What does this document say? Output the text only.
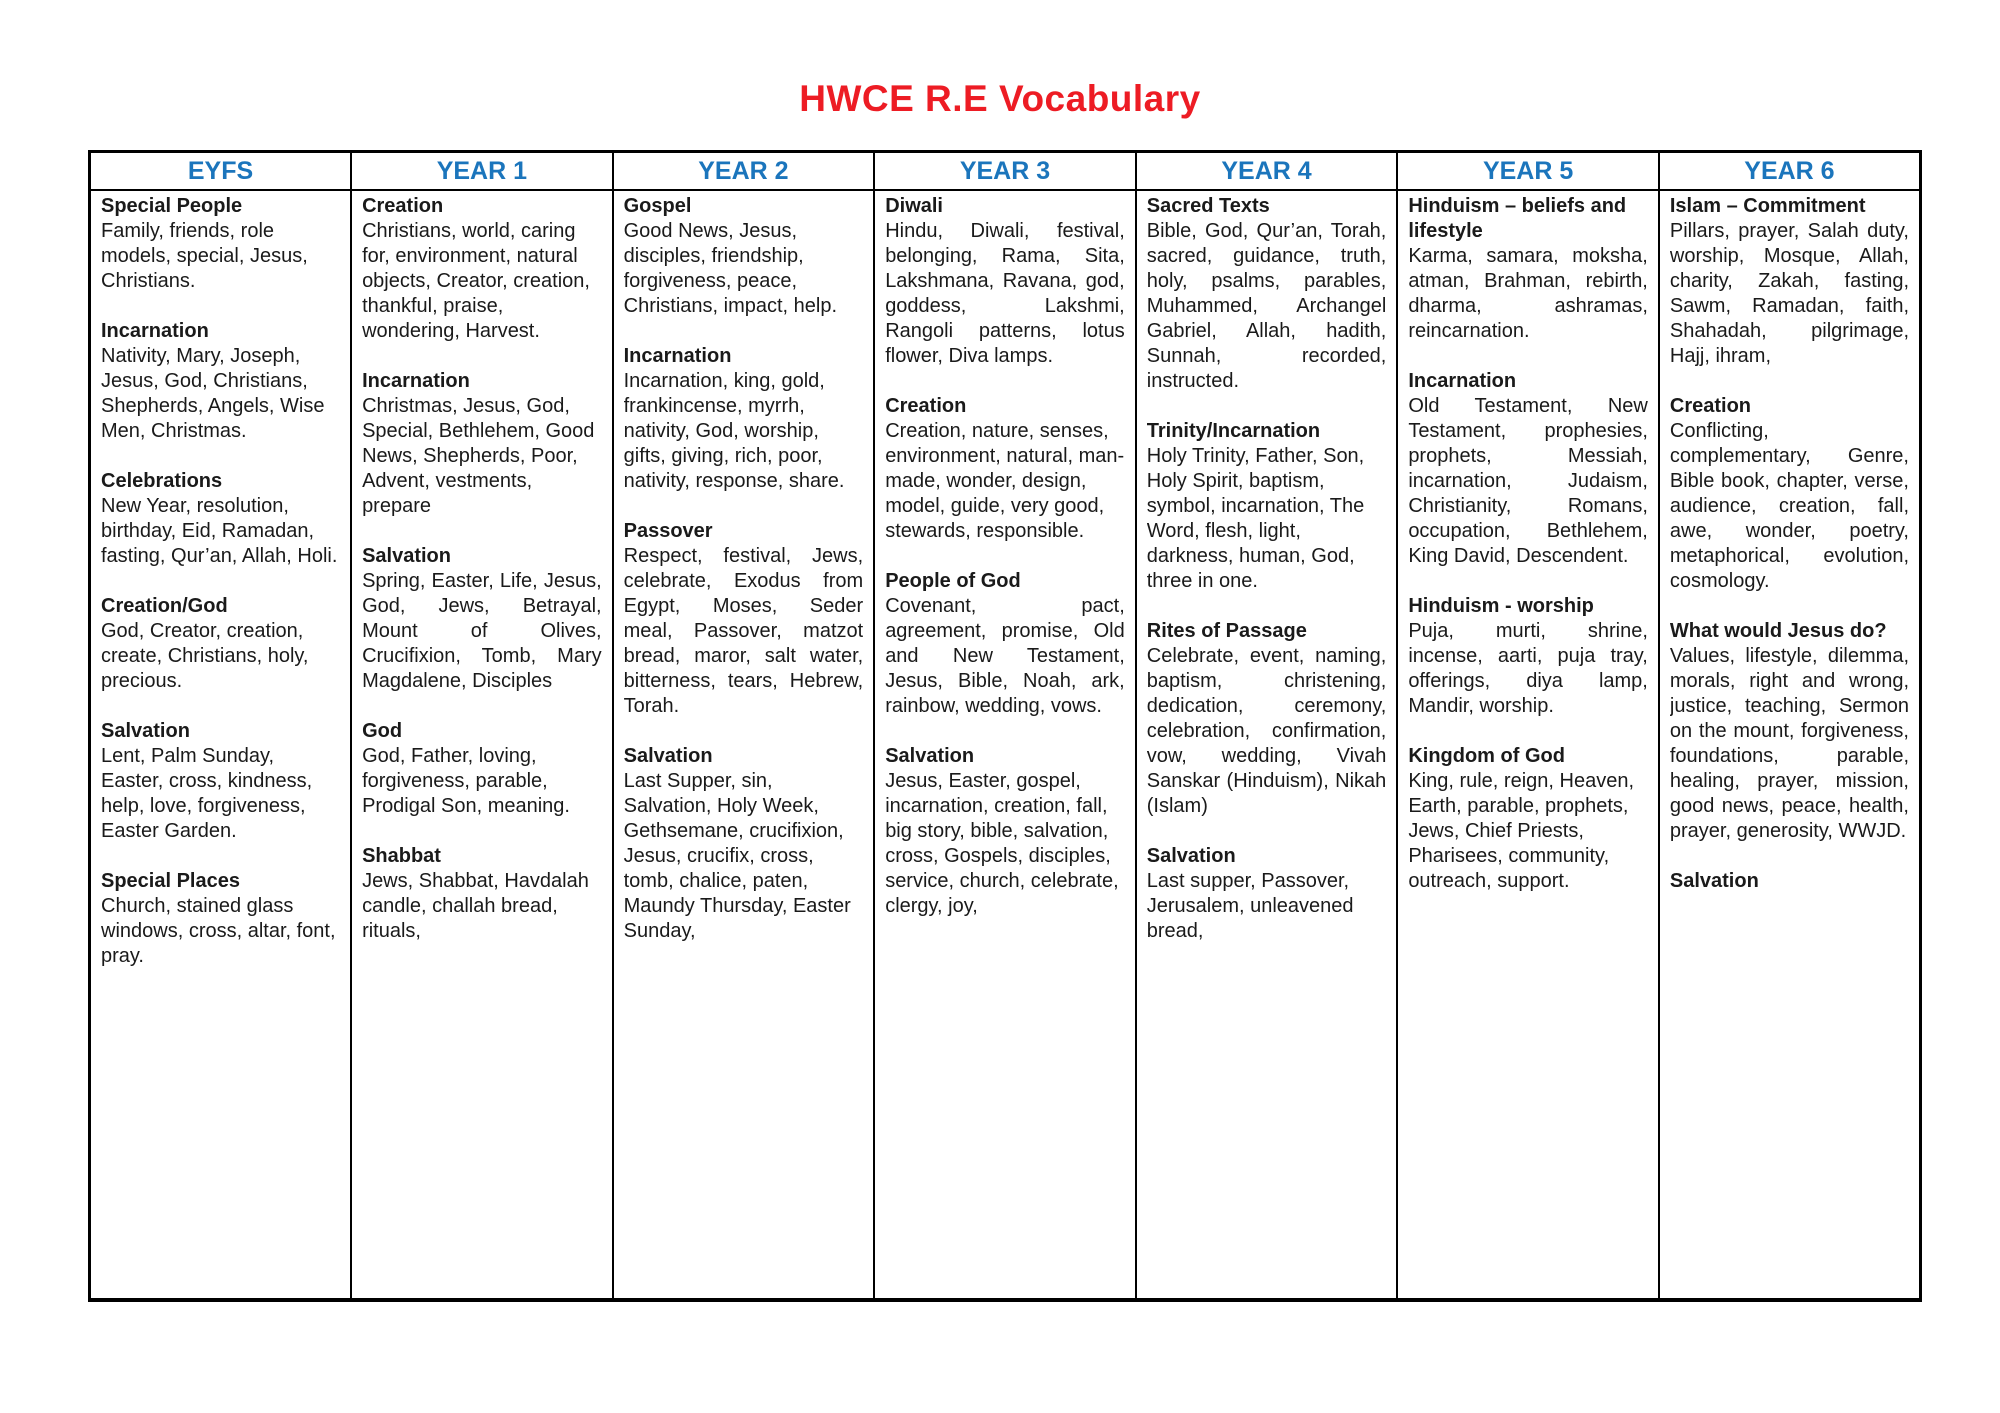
HWCE R.E Vocabulary
EYFS	YEAR 1	YEAR 2	YEAR 3	YEAR 4	YEAR 5	YEAR 6

Special People
Family, friends, role models, special, Jesus, Christians.
Incarnation
Nativity, Mary, Joseph, Jesus, God, Christians, Shepherds, Angels, Wise Men, Christmas.
Celebrations
New Year, resolution, birthday, Eid, Ramadan, fasting, Qur’an, Allah, Holi.
Creation/God
God, Creator, creation, create, Christians, holy, precious.
Salvation
Lent, Palm Sunday, Easter, cross, kindness, help, love, forgiveness, Easter Garden.
Special Places
Church, stained glass windows, cross, altar, font, pray.

Creation
Christians, world, caring for, environment, natural objects, Creator, creation, thankful, praise, wondering, Harvest.
Incarnation
Christmas, Jesus, God, Special, Bethlehem, Good News, Shepherds, Poor, Advent, vestments, prepare
Salvation
Spring, Easter, Life, Jesus, God, Jews, Betrayal, Mount of Olives, Crucifixion, Tomb, Mary Magdalene, Disciples
God
God, Father, loving, forgiveness, parable, Prodigal Son, meaning.
Shabbat
Jews, Shabbat, Havdalah candle, challah bread, rituals,

Gospel
Good News, Jesus, disciples, friendship, forgiveness, peace, Christians, impact, help.
Incarnation
Incarnation, king, gold, frankincense, myrrh, nativity, God, worship, gifts, giving, rich, poor, nativity, response, share.
Passover
Respect, festival, Jews, celebrate, Exodus from Egypt, Moses, Seder meal, Passover, matzot bread, maror, salt water, bitterness, tears, Hebrew, Torah.
Salvation
Last Supper, sin, Salvation, Holy Week, Gethsemane, crucifixion, Jesus, crucifix, cross, tomb, chalice, paten, Maundy Thursday, Easter Sunday,

Diwali
Hindu, Diwali, festival, belonging, Rama, Sita, Lakshmana, Ravana, god, goddess, Lakshmi, Rangoli patterns, lotus flower, Diva lamps.
Creation
Creation, nature, senses, environment, natural, man-made, wonder, design, model, guide, very good, stewards, responsible.
People of God
Covenant, pact, agreement, promise, Old and New Testament, Jesus, Bible, Noah, ark, rainbow, wedding, vows.
Salvation
Jesus, Easter, gospel, incarnation, creation, fall, big story, bible, salvation, cross, Gospels, disciples, service, church, celebrate, clergy, joy,

Sacred Texts
Bible, God, Qur’an, Torah, sacred, guidance, truth, holy, psalms, parables, Muhammed, Archangel Gabriel, Allah, hadith, Sunnah, recorded, instructed.
Trinity/Incarnation
Holy Trinity, Father, Son, Holy Spirit, baptism, symbol, incarnation, The Word, flesh, light, darkness, human, God, three in one.
Rites of Passage
Celebrate, event, naming, baptism, christening, dedication, ceremony, celebration, confirmation, vow, wedding, Vivah Sanskar (Hinduism), Nikah (Islam)
Salvation
Last supper, Passover, Jerusalem, unleavened bread,

Hinduism – beliefs and lifestyle
Karma, samara, moksha, atman, Brahman, rebirth, dharma, ashramas, reincarnation.
Incarnation
Old Testament, New Testament, prophesies, prophets, Messiah, incarnation, Judaism, Christianity, Romans, occupation, Bethlehem, King David, Descendent.
Hinduism - worship
Puja, murti, shrine, incense, aarti, puja tray, offerings, diya lamp, Mandir, worship.
Kingdom of God
King, rule, reign, Heaven, Earth, parable, prophets, Jews, Chief Priests, Pharisees, community, outreach, support.

Islam – Commitment
Pillars, prayer, Salah duty, worship, Mosque, Allah, charity, Zakah, fasting, Sawm, Ramadan, faith, Shahadah, pilgrimage, Hajj, ihram,
Creation
Conflicting, complementary, Genre, Bible book, chapter, verse, audience, creation, fall, awe, wonder, poetry, metaphorical, evolution, cosmology.
What would Jesus do?
Values, lifestyle, dilemma, morals, right and wrong, justice, teaching, Sermon on the mount, forgiveness, foundations, parable, healing, prayer, mission, good news, peace, health, prayer, generosity, WWJD.
Salvation
